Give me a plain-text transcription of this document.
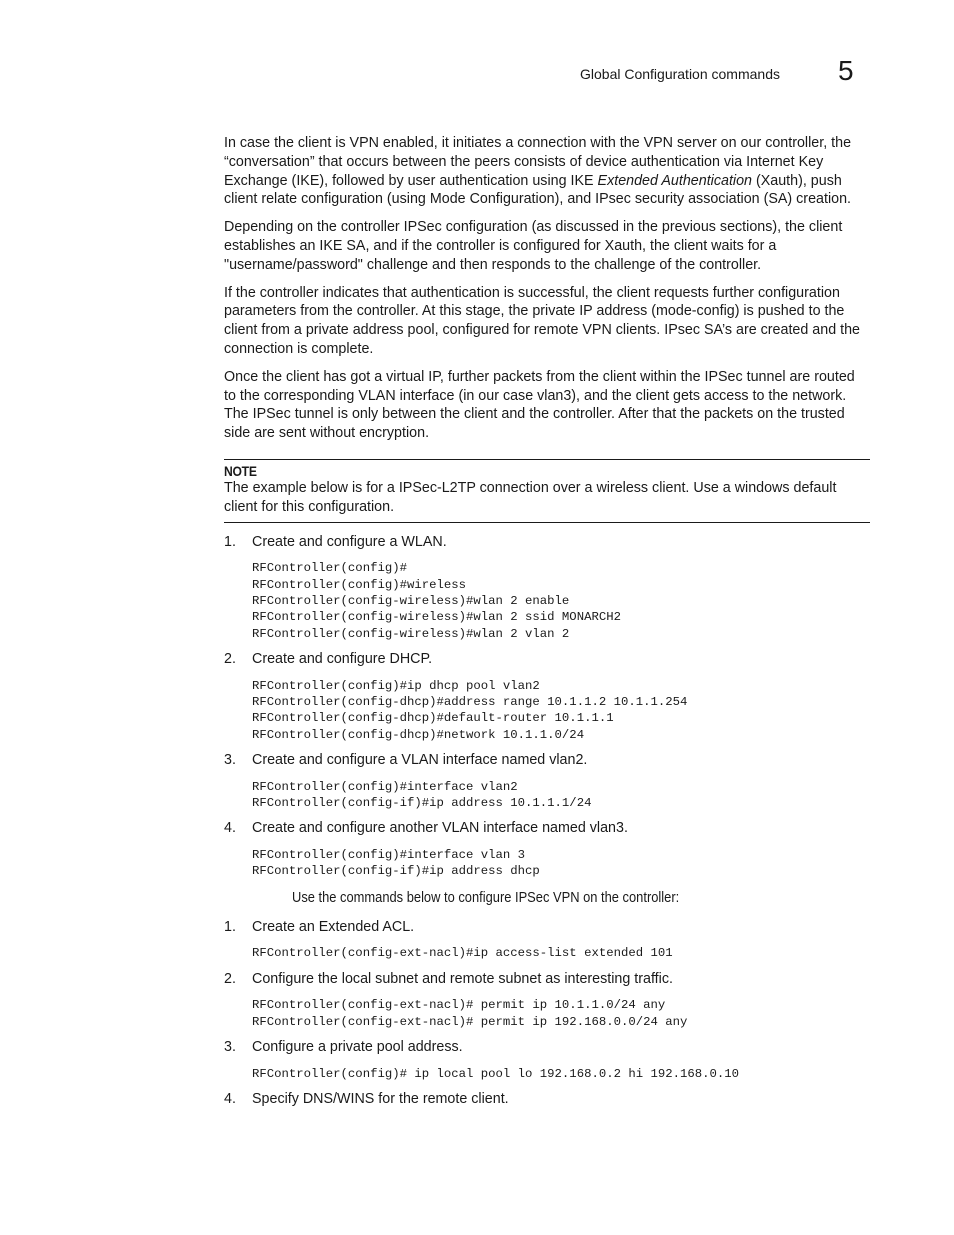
Global Configuration commands 5

In case the client is VPN enabled, it initiates a connection with the VPN server on our controller, the “conversation” that occurs between the peers consists of device authentication via Internet Key Exchange (IKE), followed by user authentication using IKE Extended Authentication (Xauth), push client relate configuration (using Mode Configuration), and IPsec security association (SA) creation.

Depending on the controller IPSec configuration (as discussed in the previous sections), the client establishes an IKE SA, and if the controller is configured for Xauth, the client waits for a "username/password" challenge and then responds to the challenge of the controller.

If the controller indicates that authentication is successful, the client requests further configuration parameters from the controller. At this stage, the private IP address (mode-config) is pushed to the client from a private address pool, configured for remote VPN clients. IPsec SA’s are created and the connection is complete.

Once the client has got a virtual IP, further packets from the client within the IPSec tunnel are routed to the corresponding VLAN interface (in our case vlan3), and the client gets access to the network. The IPSec tunnel is only between the client and the controller. After that the packets on the trusted side are sent without encryption.

NOTE
The example below is for a IPSec-L2TP connection over a wireless client. Use a windows default client for this configuration.
1.	Create and configure a WLAN.
RFController(config)#
RFController(config)#wireless
RFController(config-wireless)#wlan 2 enable
RFController(config-wireless)#wlan 2 ssid MONARCH2
RFController(config-wireless)#wlan 2 vlan 2
2.	Create and configure DHCP.
RFController(config)#ip dhcp pool vlan2
RFController(config-dhcp)#address range 10.1.1.2 10.1.1.254
RFController(config-dhcp)#default-router 10.1.1.1
RFController(config-dhcp)#network 10.1.1.0/24
3.	Create and configure a VLAN interface named vlan2.
RFController(config)#interface vlan2
RFController(config-if)#ip address 10.1.1.1/24
4.	Create and configure another VLAN interface named vlan3.
RFController(config)#interface vlan 3
RFController(config-if)#ip address dhcp
Use the commands below to configure IPSec VPN on the controller:
1.	Create an Extended ACL.
RFController(config-ext-nacl)#ip access-list extended 101
2.	Configure the local subnet and remote subnet as interesting traffic.
RFController(config-ext-nacl)# permit ip 10.1.1.0/24 any
RFController(config-ext-nacl)# permit ip 192.168.0.0/24 any
3.	Configure a private pool address.
RFController(config)# ip local pool lo 192.168.0.2 hi 192.168.0.10
4.	Specify DNS/WINS for the remote client.
